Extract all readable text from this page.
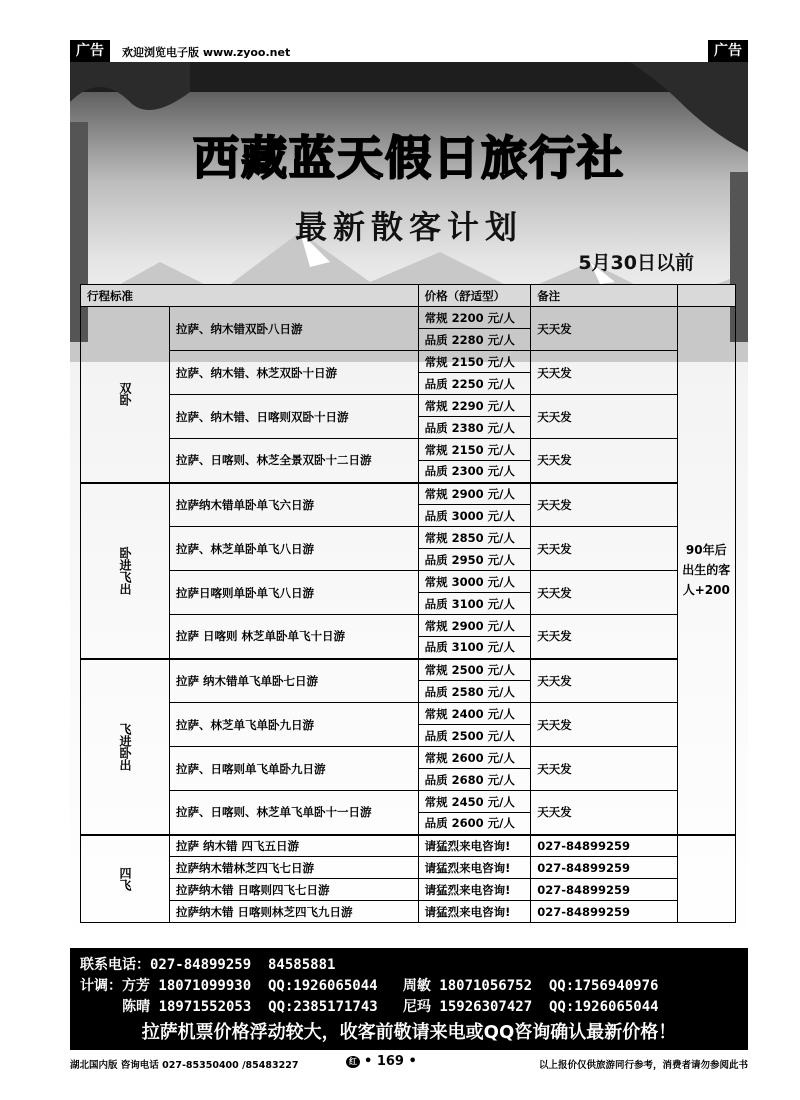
广告	欢迎浏览电子版 www.zyoo.net	广告
西藏蓝天假日旅行社
最新散客计划
5月30日以前
行程标准		价格（舒适型）	备注	
双卧	拉萨、纳木错双卧八日游	常规 2200 元/人	天天发	90年后出生的客人+200
		品质 2280 元/人		
	拉萨、纳木错、林芝双卧十日游	常规 2150 元/人	天天发	
		品质 2250 元/人		
	拉萨、纳木错、日喀则双卧十日游	常规 2290 元/人	天天发	
		品质 2380 元/人		
	拉萨、日喀则、林芝全景双卧十二日游	常规 2150 元/人	天天发	
		品质 2300 元/人		
卧进飞出	拉萨纳木错单卧单飞六日游	常规 2900 元/人	天天发	
		品质 3000 元/人		
	拉萨、林芝单卧单飞八日游	常规 2850 元/人	天天发	
		品质 2950 元/人		
	拉萨日喀则单卧单飞八日游	常规 3000 元/人	天天发	
		品质 3100 元/人		
	拉萨 日喀则 林芝单卧单飞十日游	常规 2900 元/人	天天发	
		品质 3100 元/人		
飞进卧出	拉萨 纳木错单飞单卧七日游	常规 2500 元/人	天天发	
		品质 2580 元/人		
	拉萨、林芝单飞单卧九日游	常规 2400 元/人	天天发	
		品质 2500 元/人		
	拉萨、日喀则单飞单卧九日游	常规 2600 元/人	天天发	
		品质 2680 元/人		
	拉萨、日喀则、林芝单飞单卧十一日游	常规 2450 元/人	天天发	
		品质 2600 元/人		
四飞	拉萨 纳木错 四飞五日游	请猛烈来电咨询!	027-84899259	
	拉萨纳木错林芝四飞七日游	请猛烈来电咨询!	027-84899259	
	拉萨纳木错 日喀则四飞七日游	请猛烈来电咨询!	027-84899259	
	拉萨纳木错 日喀则林芝四飞九日游	请猛烈来电咨询!	027-84899259	
联系电话：027-84899259  84585881
计调：方芳 18071099930  QQ:1926065044   周敏 18071056752  QQ:1756940976
陈晴 18971552053  QQ:2385171743   尼玛 15926307427  QQ:1926065044
拉萨机票价格浮动较大，收客前敬请来电或QQ咨询确认最新价格！
湖北国内版 咨询电话 027-85350400 /85483227	红 • 169 •	以上报价仅供旅游同行参考，消费者请勿参阅此书
